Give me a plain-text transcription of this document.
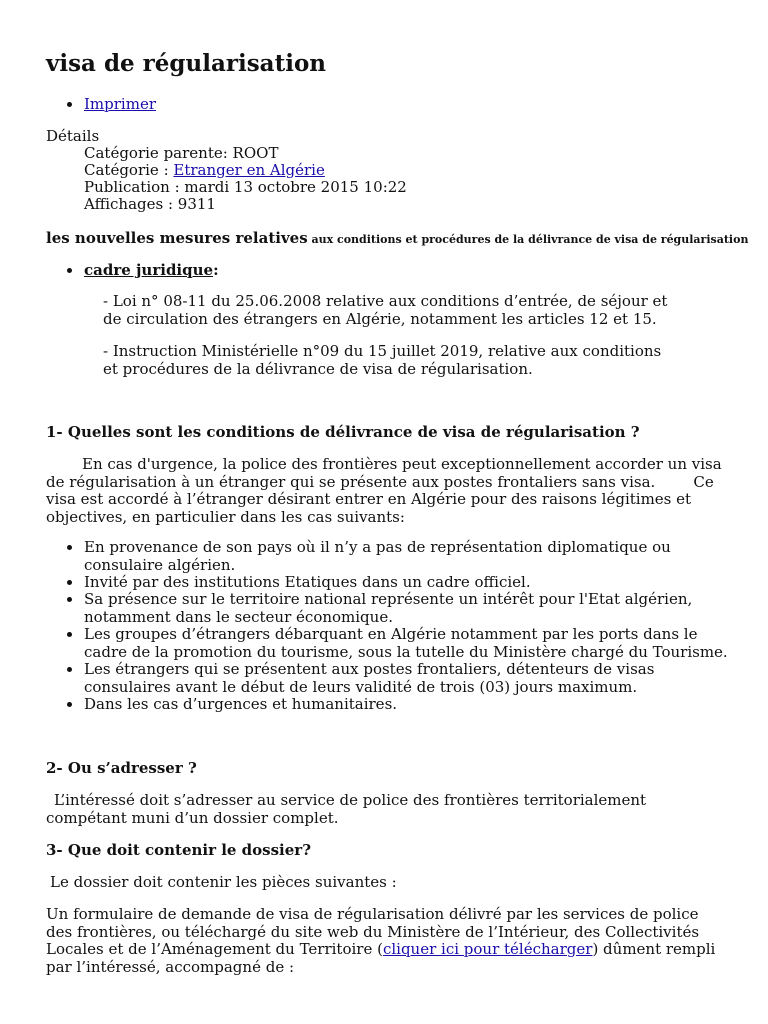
visa de régularisation
Imprimer
Détails
Catégorie parente: ROOT
Catégorie : Etranger en Algérie
Publication : mardi 13 octobre 2015 10:22
Affichages : 9311
les nouvelles mesures relatives aux conditions et procédures de la délivrance de visa de régularisation
cadre juridique:
- Loi n° 08-11 du 25.06.2008 relative aux conditions d’entrée, de séjour et de circulation des étrangers en Algérie, notamment les articles 12 et 15.
- Instruction Ministérielle n°09 du 15 juillet 2019, relative aux conditions et procédures de la délivrance de visa de régularisation.
1- Quelles sont les conditions de délivrance de visa de régularisation ?
En cas d'urgence, la police des frontières peut exceptionnellement accorder un visa de régularisation à un étranger qui se présente aux postes frontaliers sans visa.        Ce visa est accordé à l’étranger désirant entrer en Algérie pour des raisons légitimes et objectives, en particulier dans les cas suivants:
En provenance de son pays où il n’y a pas de représentation diplomatique ou consulaire algérien.
Invité par des institutions Etatiques dans un cadre officiel.
Sa présence sur le territoire national représente un intérêt pour l'Etat algérien, notamment dans le secteur économique.
Les groupes d’étrangers débarquant en Algérie notamment par les ports dans le cadre de la promotion du tourisme, sous la tutelle du Ministère chargé du Tourisme.
Les étrangers qui se présentent aux postes frontaliers, détenteurs de visas consulaires avant le début de leurs validité de trois (03) jours maximum.
Dans les cas d’urgences et humanitaires.
2- Ou s’adresser ?
L’intéressé doit s’adresser au service de police des frontières territorialement compétant muni d’un dossier complet.
3- Que doit contenir le dossier?
Le dossier doit contenir les pièces suivantes :
Un formulaire de demande de visa de régularisation délivré par les services de police des frontières, ou téléchargé du site web du Ministère de l’Intérieur, des Collectivités Locales et de l’Aménagement du Territoire (cliquer ici pour télécharger) dûment rempli par l’intéressé, accompagné de :
